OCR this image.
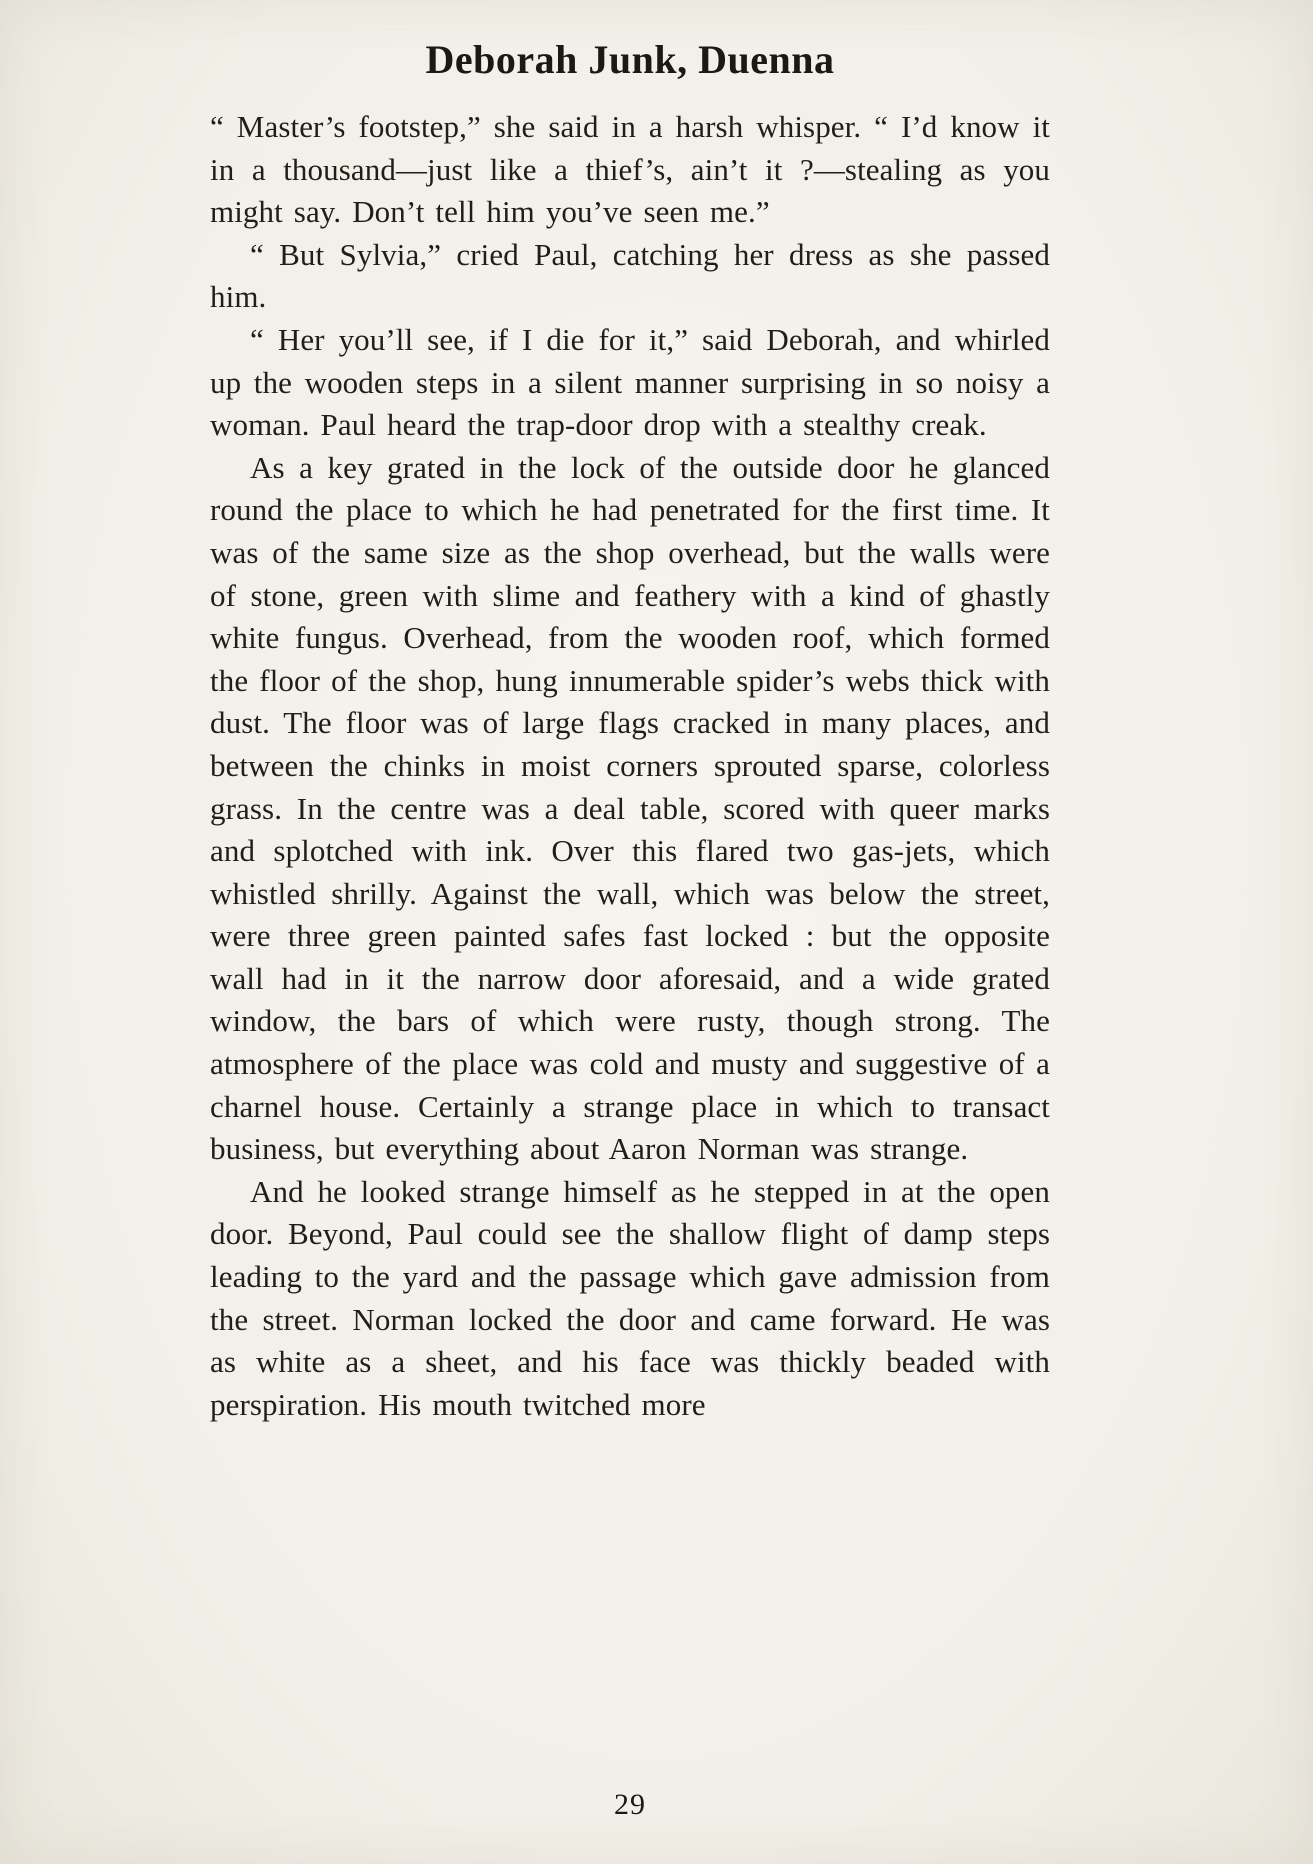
Deborah Junk, Duenna

“ Master’s footstep,” she said in a harsh whisper. “ I’d know it in a thousand—just like a thief’s, ain’t it ?—stealing as you might say. Don’t tell him you’ve seen me.”

“ But Sylvia,” cried Paul, catching her dress as she passed him.

“ Her you’ll see, if I die for it,” said Deborah, and whirled up the wooden steps in a silent manner surprising in so noisy a woman. Paul heard the trap-door drop with a stealthy creak.

As a key grated in the lock of the outside door he glanced round the place to which he had penetrated for the first time. It was of the same size as the shop overhead, but the walls were of stone, green with slime and feathery with a kind of ghastly white fungus. Overhead, from the wooden roof, which formed the floor of the shop, hung innumerable spider’s webs thick with dust. The floor was of large flags cracked in many places, and between the chinks in moist corners sprouted sparse, colorless grass. In the centre was a deal table, scored with queer marks and splotched with ink. Over this flared two gas-jets, which whistled shrilly. Against the wall, which was below the street, were three green painted safes fast locked : but the opposite wall had in it the narrow door aforesaid, and a wide grated window, the bars of which were rusty, though strong. The atmosphere of the place was cold and musty and suggestive of a charnel house. Certainly a strange place in which to transact business, but everything about Aaron Norman was strange.

And he looked strange himself as he stepped in at the open door. Beyond, Paul could see the shallow flight of damp steps leading to the yard and the passage which gave admission from the street. Norman locked the door and came forward. He was as white as a sheet, and his face was thickly beaded with perspiration. His mouth twitched more

29
